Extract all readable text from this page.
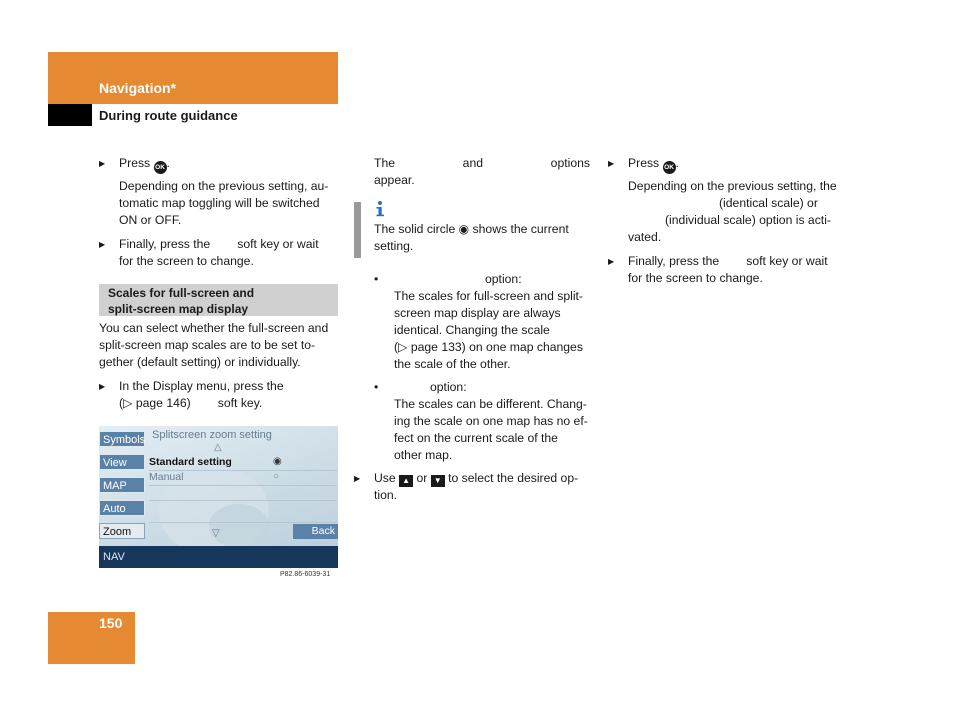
Navigation*
During route guidance
▶ Press OK .
Depending on the previous setting, au-
tomatic map toggling will be switched
ON or OFF.
▶ Finally, press the        soft key or wait
for the screen to change.
Scales for full-screen and
split-screen map display
You can select whether the full-screen and
split-screen map scales are to be set to-
gether (default setting) or individually.
▶ In the Display menu, press the
(▷ page 146)        soft key.
Symbols
View
MAP
Auto
Zoom
Splitscreen zoom setting
△
Standard setting	◉
Manual	○
▽	Back
NAV
P82.86-6039-31
The	and	options
appear.
The solid circle ◉ shows the current
setting.
•	option:
The scales for full-screen and split-
screen map display are always
identical. Changing the scale
(▷ page 133) on one map changes
the scale of the other.
•	option:
The scales can be different. Chang-
ing the scale on one map has no ef-
fect on the current scale of the
other map.
▶ Use ▲ or ▼ to select the desired op-
tion.
▶ Press OK .
Depending on the previous setting, the
(identical scale) or
(individual scale) option is acti-
vated.
▶ Finally, press the        soft key or wait
for the screen to change.
150
